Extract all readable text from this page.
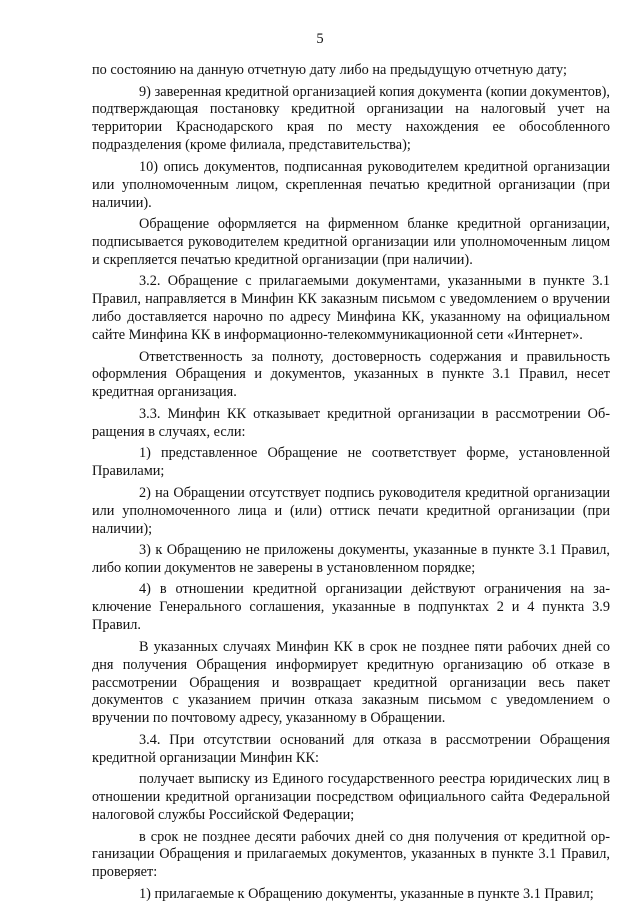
5

по состоянию на данную отчетную дату либо на предыдущую отчетную дату;

9) заверенная кредитной организацией копия документа (копии документов), подтверждающая постановку кредитной организации на налоговый учет на территории Краснодарского края по месту нахождения ее обособленного подразделения (кроме филиала, представительства);

10) опись документов, подписанная руководителем кредитной организации или уполномоченным лицом, скрепленная печатью кредитной организации (при наличии).

Обращение оформляется на фирменном бланке кредитной организации, подписывается руководителем кредитной организации или уполномоченным лицом и скрепляется печатью кредитной организации (при наличии).

3.2. Обращение с прилагаемыми документами, указанными в пункте 3.1 Правил, направляется в Минфин КК заказным письмом с уведомлением о вручении либо доставляется нарочно по адресу Минфина КК, указанному на официальном сайте Минфина КК в информационно-телекоммуникационной сети «Интернет».

Ответственность за полноту, достоверность содержания и правильность оформления Обращения и документов, указанных в пункте 3.1 Правил, несет кредитная организация.

3.3. Минфин КК отказывает кредитной организации в рассмотрении Обращения в случаях, если:

1) представленное Обращение не соответствует форме, установленной Правилами;

2) на Обращении отсутствует подпись руководителя кредитной организации или уполномоченного лица и (или) оттиск печати кредитной организации (при наличии);

3) к Обращению не приложены документы, указанные в пункте 3.1 Правил, либо копии документов не заверены в установленном порядке;

4) в отношении кредитной организации действуют ограничения на заключение Генерального соглашения, указанные в подпунктах 2 и 4 пункта 3.9 Правил.

В указанных случаях Минфин КК в срок не позднее пяти рабочих дней со дня получения Обращения информирует кредитную организацию об отказе в рассмотрении Обращения и возвращает кредитной организации весь пакет документов с указанием причин отказа заказным письмом с уведомлением о вручении по почтовому адресу, указанному в Обращении.

3.4. При отсутствии оснований для отказа в рассмотрении Обращения кредитной организации Минфин КК:

получает выписку из Единого государственного реестра юридических лиц в отношении кредитной организации посредством официального сайта Федеральной налоговой службы Российской Федерации;

в срок не позднее десяти рабочих дней со дня получения от кредитной организации Обращения и прилагаемых документов, указанных в пункте 3.1 Правил, проверяет:

1) прилагаемые к Обращению документы, указанные в пункте 3.1 Правил;
